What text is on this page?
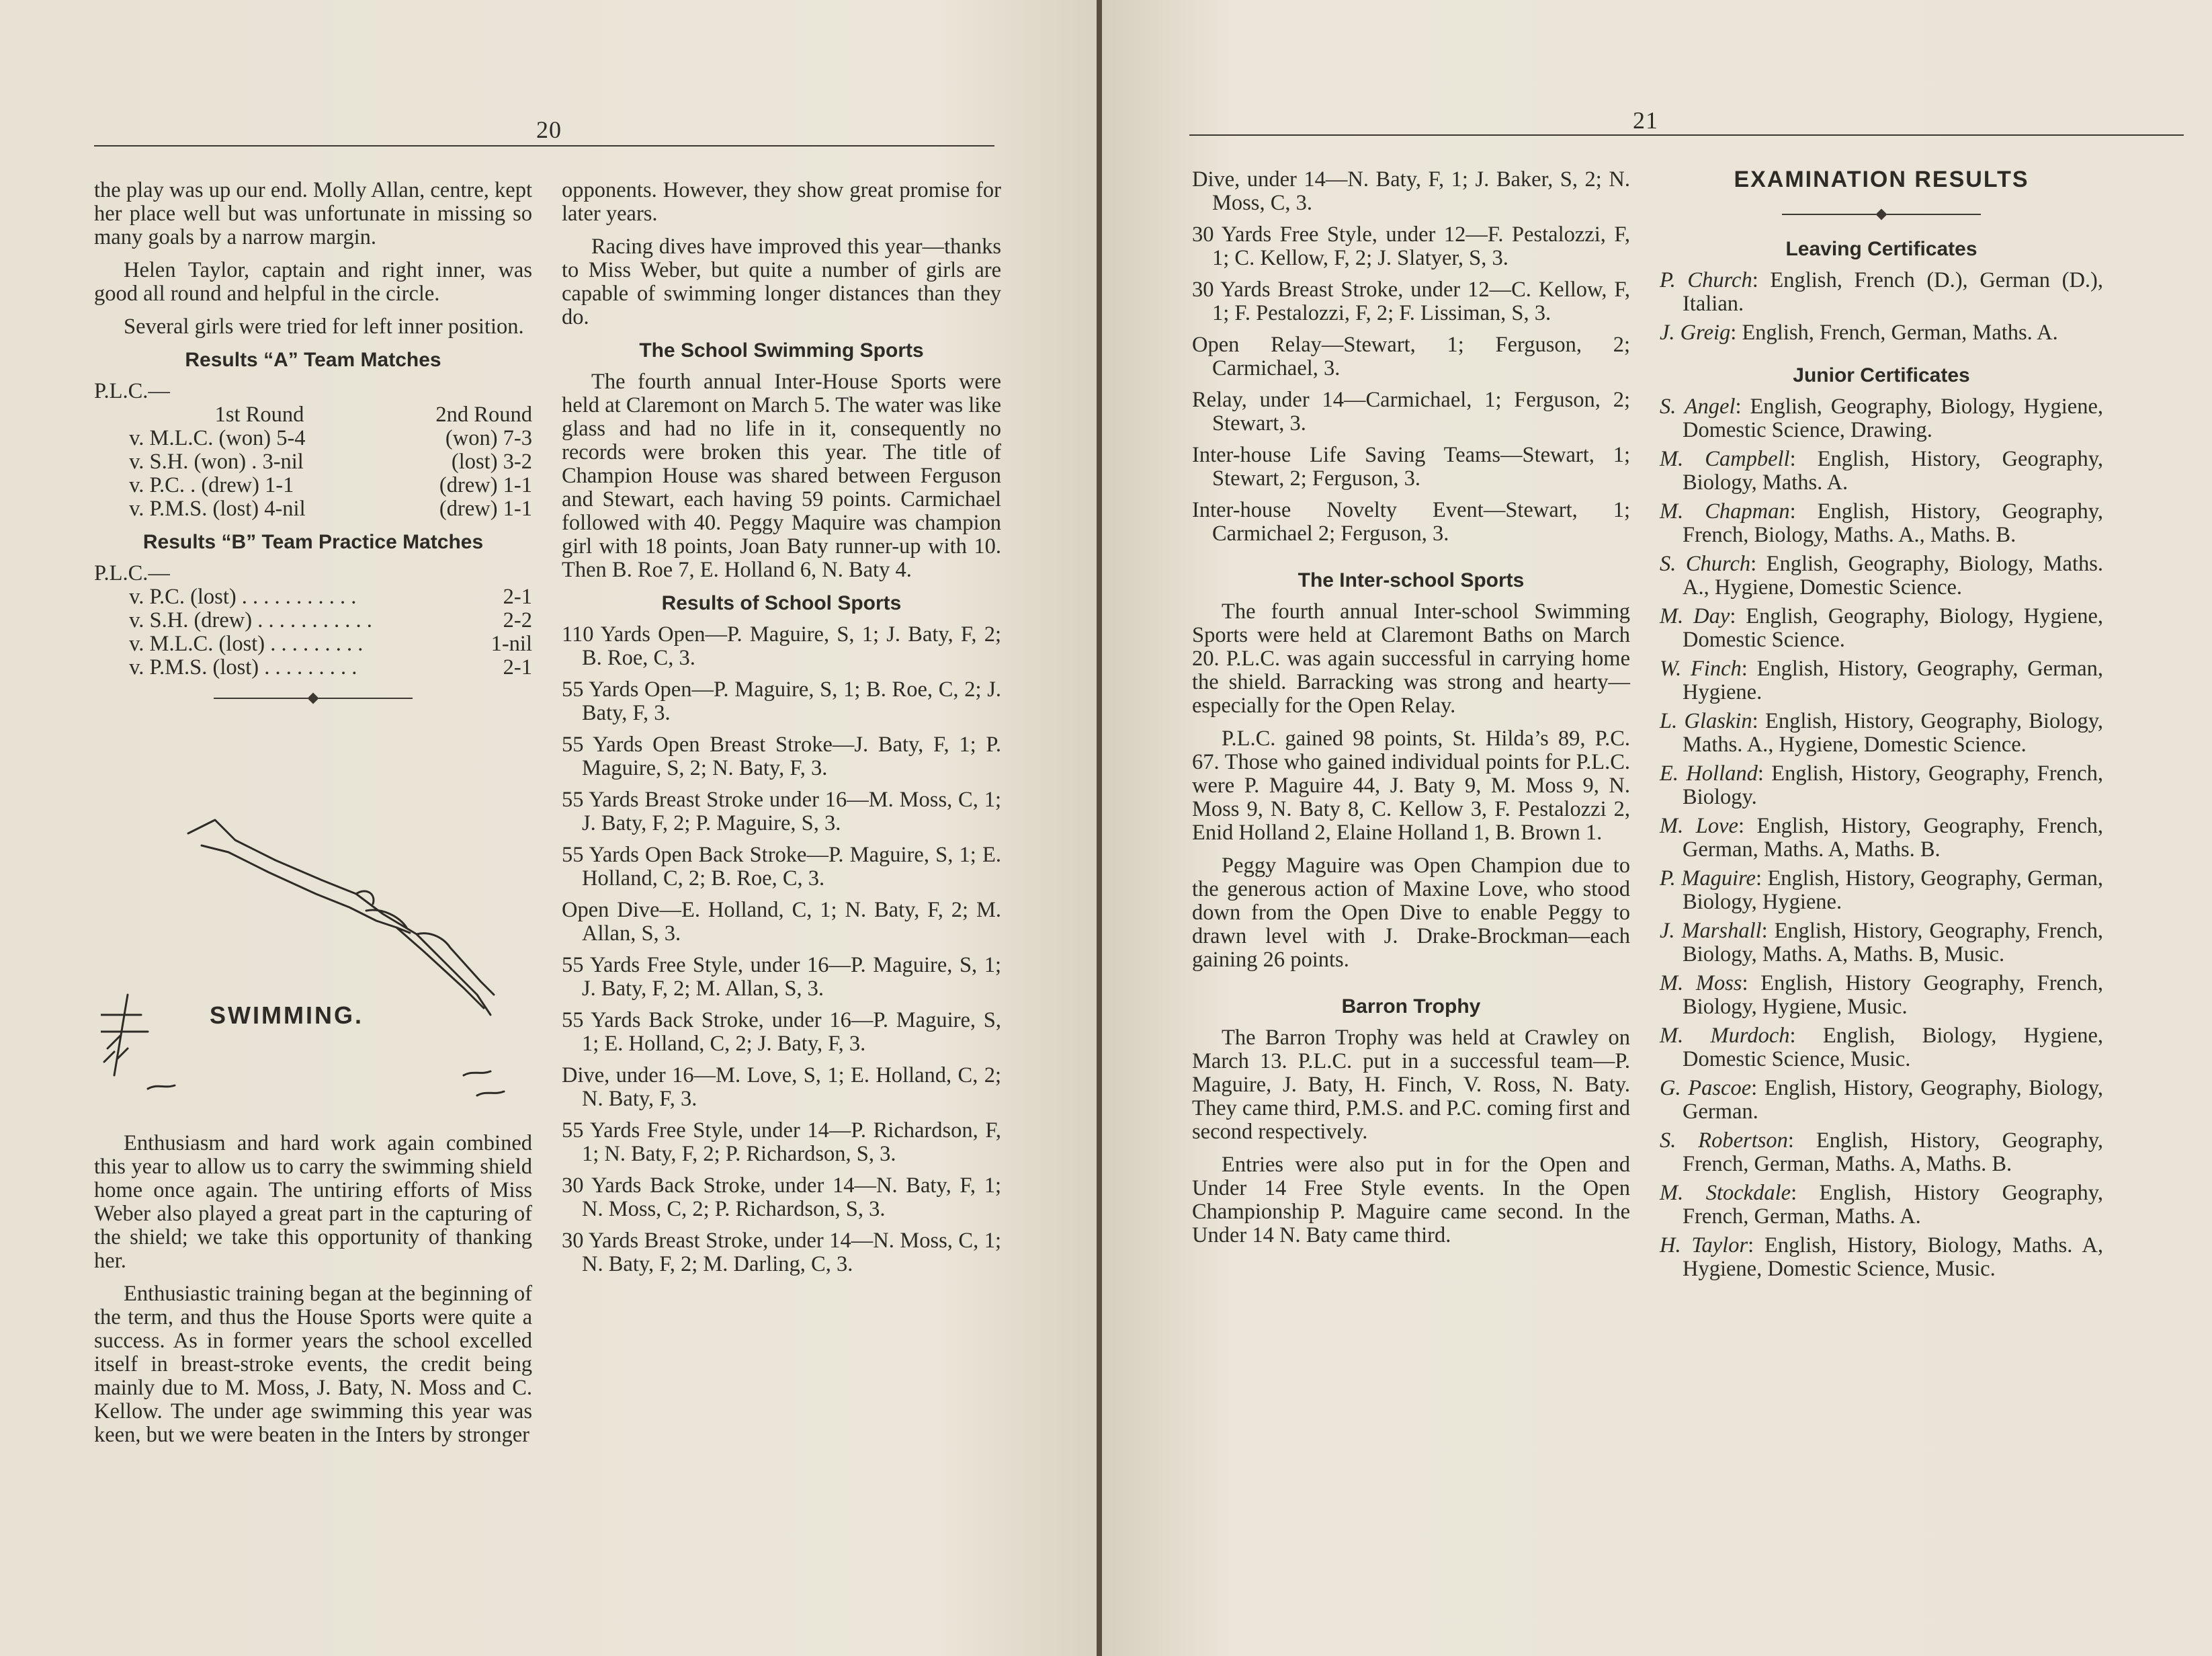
20

the play was up our end. Molly Allan, centre, kept her place well but was unfortunate in missing so many goals by a narrow margin.

Helen Taylor, captain and right inner, was good all round and helpful in the circle.

Several girls were tried for left inner position.

Results “A” Team Matches
P.L.C.—
1st Round	2nd Round
v. M.L.C. (won) 5-4	(won) 7-3
v. S.H. (won) . 3-nil	(lost) 3-2
v. P.C. . (drew) 1-1	(drew) 1-1
v. P.M.S. (lost) 4-nil	(drew) 1-1
Results “B” Team Practice Matches
P.L.C.—
v. P.C. (lost) . . . . . . . . . . .	2-1
v. S.H. (drew) . . . . . . . . . . .	2-2
v. M.L.C. (lost) . . . . . . . . .	1-nil
v. P.M.S. (lost) . . . . . . . . .	2-1
SWIMMING.

Enthusiasm and hard work again combined this year to allow us to carry the swimming shield home once again. The untiring efforts of Miss Weber also played a great part in the capturing of the shield; we take this opportunity of thanking her.

Enthusiastic training began at the beginning of the term, and thus the House Sports were quite a success. As in former years the school excelled itself in breast-stroke events, the credit being mainly due to M. Moss, J. Baty, N. Moss and C. Kellow. The under age swimming this year was keen, but we were beaten in the Inters by stronger

opponents. However, they show great promise for later years.

Racing dives have improved this year—thanks to Miss Weber, but quite a number of girls are capable of swimming longer distances than they do.

The School Swimming Sports

The fourth annual Inter-House Sports were held at Claremont on March 5. The water was like glass and had no life in it, consequently no records were broken this year. The title of Champion House was shared between Ferguson and Stewart, each having 59 points. Carmichael followed with 40. Peggy Maquire was champion girl with 18 points, Joan Baty runner-up with 10. Then B. Roe 7, E. Holland 6, N. Baty 4.

Results of School Sports
110 Yards Open—P. Maguire, S, 1; J. Baty, F, 2; B. Roe, C, 3.
55 Yards Open—P. Maguire, S, 1; B. Roe, C, 2; J. Baty, F, 3.
55 Yards Open Breast Stroke—J. Baty, F, 1; P. Maguire, S, 2; N. Baty, F, 3.
55 Yards Breast Stroke under 16—M. Moss, C, 1; J. Baty, F, 2; P. Maguire, S, 3.
55 Yards Open Back Stroke—P. Maguire, S, 1; E. Holland, C, 2; B. Roe, C, 3.
Open Dive—E. Holland, C, 1; N. Baty, F, 2; M. Allan, S, 3.
55 Yards Free Style, under 16—P. Maguire, S, 1; J. Baty, F, 2; M. Allan, S, 3.
55 Yards Back Stroke, under 16—P. Maguire, S, 1; E. Holland, C, 2; J. Baty, F, 3.
Dive, under 16—M. Love, S, 1; E. Holland, C, 2; N. Baty, F, 3.
55 Yards Free Style, under 14—P. Richardson, F, 1; N. Baty, F, 2; P. Richardson, S, 3.
30 Yards Back Stroke, under 14—N. Baty, F, 1; N. Moss, C, 2; P. Richardson, S, 3.
30 Yards Breast Stroke, under 14—N. Moss, C, 1; N. Baty, F, 2; M. Darling, C, 3.
21
Dive, under 14—N. Baty, F, 1; J. Baker, S, 2; N. Moss, C, 3.
30 Yards Free Style, under 12—F. Pestalozzi, F, 1; C. Kellow, F, 2; J. Slatyer, S, 3.
30 Yards Breast Stroke, under 12—C. Kellow, F, 1; F. Pestalozzi, F, 2; F. Lissiman, S, 3.
Open Relay—Stewart, 1; Ferguson, 2; Carmichael, 3.
Relay, under 14—Carmichael, 1; Ferguson, 2; Stewart, 3.
Inter-house Life Saving Teams—Stewart, 1; Stewart, 2; Ferguson, 3.
Inter-house Novelty Event—Stewart, 1; Carmichael 2; Ferguson, 3.
The Inter-school Sports

The fourth annual Inter-school Swimming Sports were held at Claremont Baths on March 20. P.L.C. was again successful in carrying home the shield. Barracking was strong and hearty—especially for the Open Relay.

P.L.C. gained 98 points, St. Hilda’s 89, P.C. 67. Those who gained individual points for P.L.C. were P. Maguire 44, J. Baty 9, M. Moss 9, N. Moss 9, N. Baty 8, C. Kellow 3, F. Pestalozzi 2, Enid Holland 2, Elaine Holland 1, B. Brown 1.

Peggy Maguire was Open Champion due to the generous action of Maxine Love, who stood down from the Open Dive to enable Peggy to drawn level with J. Drake-Brockman—each gaining 26 points.

Barron Trophy

The Barron Trophy was held at Crawley on March 13. P.L.C. put in a successful team—P. Maguire, J. Baty, H. Finch, V. Ross, N. Baty. They came third, P.M.S. and P.C. coming first and second respectively.

Entries were also put in for the Open and Under 14 Free Style events. In the Open Championship P. Maguire came second. In the Under 14 N. Baty came third.

EXAMINATION RESULTS
Leaving Certificates
P. Church: English, French (D.), German (D.), Italian.
J. Greig: English, French, German, Maths. A.
Junior Certificates
S. Angel: English, Geography, Biology, Hygiene, Domestic Science, Drawing.
M. Campbell: English, History, Geography, Biology, Maths. A.
M. Chapman: English, History, Geography, French, Biology, Maths. A., Maths. B.
S. Church: English, Geography, Biology, Maths. A., Hygiene, Domestic Science.
M. Day: English, Geography, Biology, Hygiene, Domestic Science.
W. Finch: English, History, Geography, German, Hygiene.
L. Glaskin: English, History, Geography, Biology, Maths. A., Hygiene, Domestic Science.
E. Holland: English, History, Geography, French, Biology.
M. Love: English, History, Geography, French, German, Maths. A, Maths. B.
P. Maguire: English, History, Geography, German, Biology, Hygiene.
J. Marshall: English, History, Geography, French, Biology, Maths. A, Maths. B, Music.
M. Moss: English, History Geography, French, Biology, Hygiene, Music.
M. Murdoch: English, Biology, Hygiene, Domestic Science, Music.
G. Pascoe: English, History, Geography, Biology, German.
S. Robertson: English, History, Geography, French, German, Maths. A, Maths. B.
M. Stockdale: English, History Geography, French, German, Maths. A.
H. Taylor: English, History, Biology, Maths. A, Hygiene, Domestic Science, Music.
